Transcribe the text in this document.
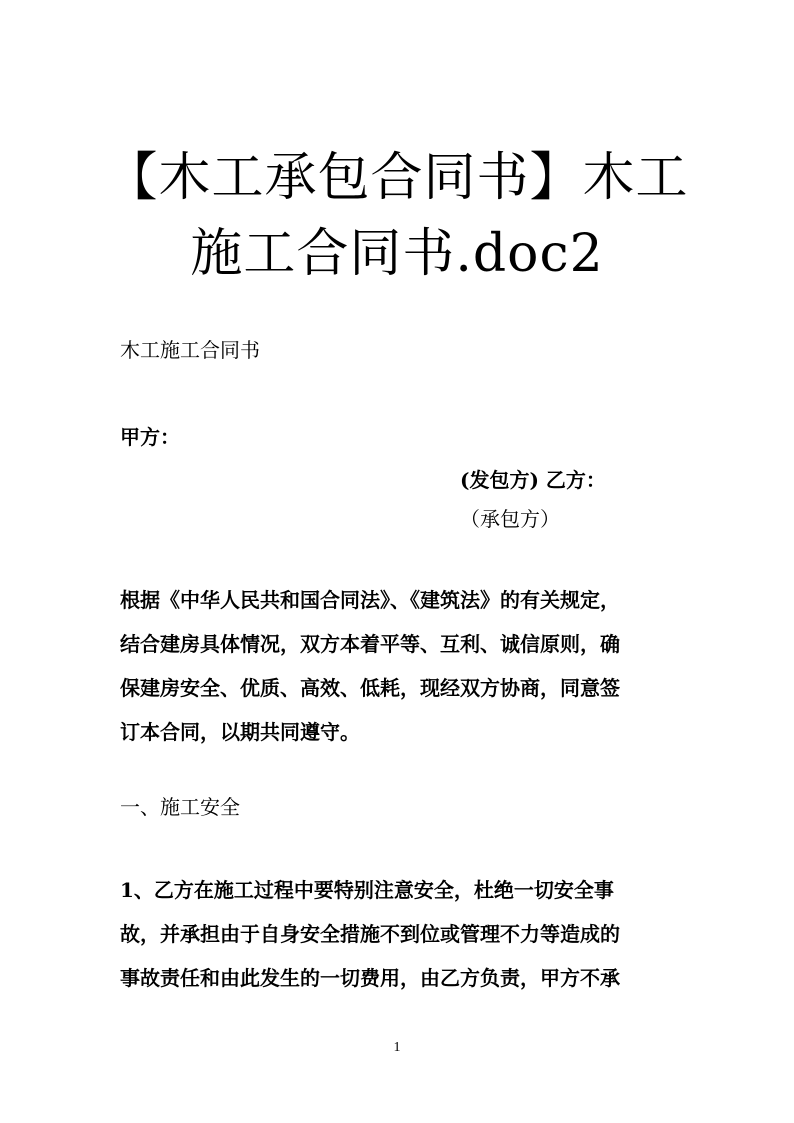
【木工承包合同书】木工
施工合同书.doc2

木工施工合同书

甲方：

(发包方) 乙方：

（承包方）

根据《中华人民共和国合同法》、《建筑法》的有关规定，
结合建房具体情况，双方本着平等、互利、诚信原则，确
保建房安全、优质、高效、低耗，现经双方协商，同意签
订本合同，以期共同遵守。

一、施工安全

1、乙方在施工过程中要特别注意安全，杜绝一切安全事
故，并承担由于自身安全措施不到位或管理不力等造成的
事故责任和由此发生的一切费用，由乙方负责，甲方不承
1
